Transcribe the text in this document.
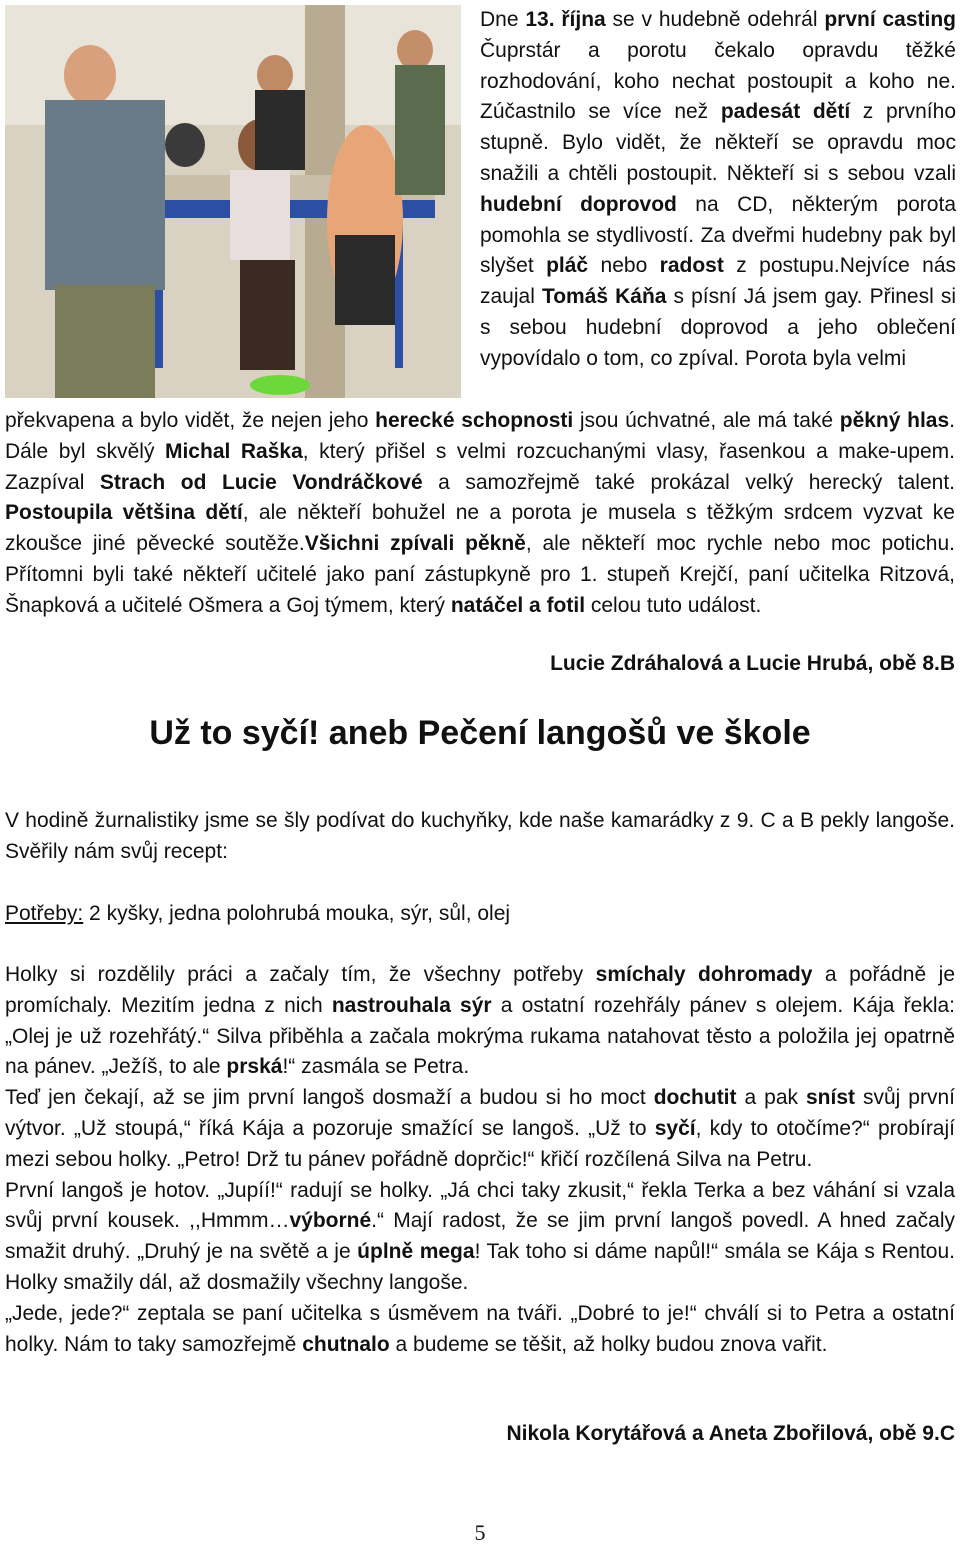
Dne 13. října se v hudebně odehrál první casting Čuprstár a porotu čekalo opravdu těžké rozhodování, koho nechat postoupit a koho ne. Zúčastnilo se více než padesát dětí z prvního stupně. Bylo vidět, že někteří se opravdu moc snažili a chtěli postoupit. Někteří si s sebou vzali hudební doprovod na CD, některým porota pomohla se stydlivostí. Za dveřmi hudebny pak byl slyšet pláč nebo radost z postupu.Nejvíce nás zaujal Tomáš Káňa s písní Já jsem gay. Přinesl si s sebou hudební doprovod a jeho oblečení vypovídalo o tom, co zpíval. Porota byla velmi

překvapena a bylo vidět, že nejen jeho herecké schopnosti jsou úchvatné, ale má také pěkný hlas. Dále byl skvělý Michal Raška, který přišel s velmi rozcuchanými vlasy, řasenkou a make-upem. Zazpíval Strach od Lucie Vondráčkové a samozřejmě také prokázal velký herecký talent. Postoupila většina dětí, ale někteří bohužel ne a porota je musela s těžkým srdcem vyzvat ke zkoušce jiné pěvecké soutěže.Všichni zpívali pěkně, ale někteří moc rychle nebo moc potichu. Přítomni byli také někteří učitelé jako paní zástupkyně pro 1. stupeň Krejčí, paní učitelka Ritzová, Šnapková a učitelé Ošmera a Goj týmem, který natáčel a fotil celou tuto událost.

Lucie Zdráhalová a Lucie Hrubá, obě 8.B

Už to syčí! aneb Pečení langošů ve škole

V hodině žurnalistiky jsme se šly podívat do kuchyňky, kde naše kamarádky z 9. C a B pekly langoše. Svěřily nám svůj recept:

Potřeby: 2 kyšky, jedna polohrubá mouka, sýr, sůl, olej

Holky si rozdělily práci a začaly tím, že všechny potřeby smíchaly dohromady a pořádně je promíchaly. Mezitím jedna z nich nastrouhala sýr a ostatní rozehřály pánev s olejem. Kája řekla: „Olej je už rozehřátý.“ Silva přiběhla a začala mokrýma rukama natahovat těsto a položila jej opatrně na pánev. „Ježíš, to ale prská!“ zasmála se Petra.
Teď jen čekají, až se jim první langoš dosmaží a budou si ho moct dochutit a pak sníst svůj první výtvor. „Už stoupá,“ říká Kája a pozoruje smažící se langoš. „Už to syčí, kdy to otočíme?“ probírají mezi sebou holky. „Petro! Drž tu pánev pořádně doprčic!“ křičí rozčílená Silva na Petru.
První langoš je hotov. „Jupíí!“ radují se holky. „Já chci taky zkusit,“ řekla Terka a bez váhání si vzala svůj první kousek. ,,Hmmm…výborné.“ Mají radost, že se jim první langoš povedl. A hned začaly smažit druhý. „Druhý je na světě a je úplně mega! Tak toho si dáme napůl!“ smála se Kája s Rentou. Holky smažily dál, až dosmažily všechny langoše.
„Jede, jede?“ zeptala se paní učitelka s úsměvem na tváři. „Dobré to je!“ chválí si to Petra a ostatní holky. Nám to taky samozřejmě chutnalo a budeme se těšit, až holky budou znova vařit.

Nikola Korytářová a Aneta Zbořilová, obě 9.C

5
